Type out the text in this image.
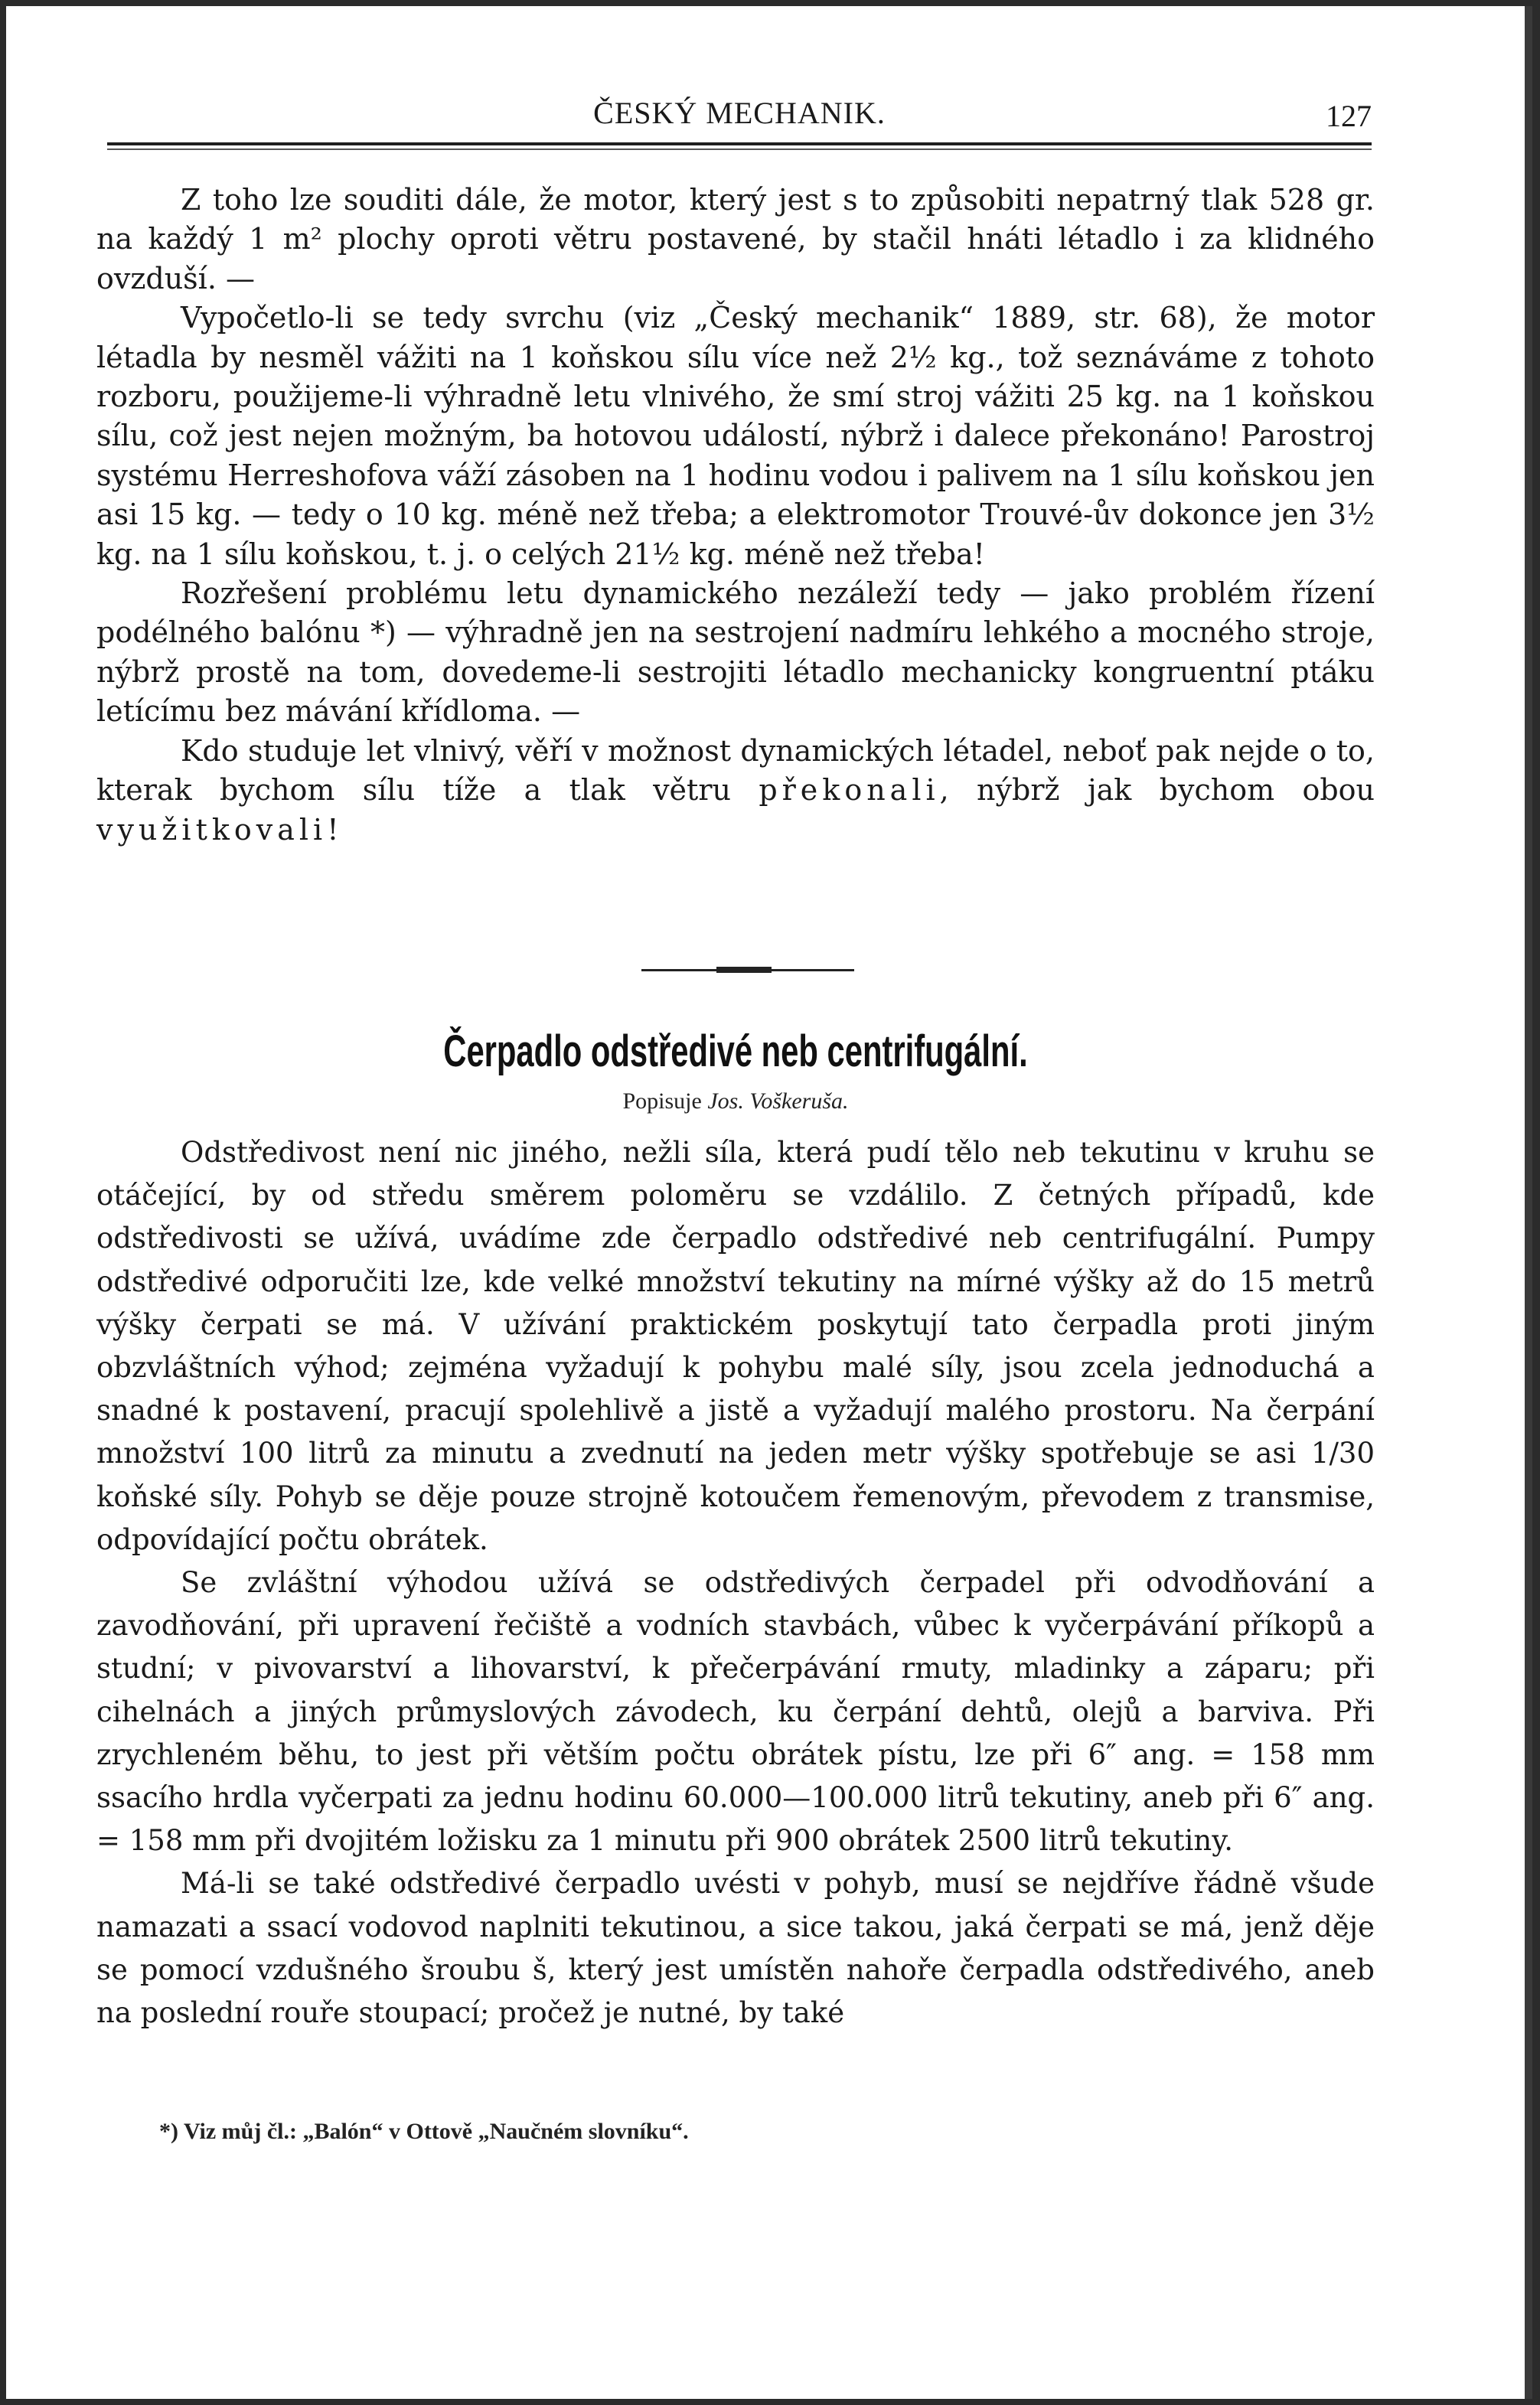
ČESKÝ MECHANIK.	127

Z toho lze souditi dále, že motor, který jest s to způsobiti nepatrný tlak 528 gr. na každý 1 m² plochy oproti větru postavené, by stačil hnáti létadlo i za klidného ovzduší. —

Vypočetlo-li se tedy svrchu (viz „Český mechanik“ 1889, str. 68), že motor létadla by nesměl vážiti na 1 koňskou sílu více než 2½ kg., tož seznáváme z tohoto rozboru, použijeme-li výhradně letu vlnivého, že smí stroj vážiti 25 kg. na 1 koňskou sílu, což jest nejen možným, ba hotovou událostí, nýbrž i dalece překonáno! Parostroj systému Herreshofova váží zásoben na 1 hodinu vodou i palivem na 1 sílu koňskou jen asi 15 kg. — tedy o 10 kg. méně než třeba; a elektromotor Trouvé-ův dokonce jen 3½ kg. na 1 sílu koňskou, t. j. o celých 21½ kg. méně než třeba!

Rozřešení problému letu dynamického nezáleží tedy — jako problém řízení podélného balónu *) — výhradně jen na sestrojení nadmíru lehkého a mocného stroje, nýbrž prostě na tom, dovedeme-li sestrojiti létadlo mechanicky kongruentní ptáku letícímu bez mávání křídloma. —

Kdo studuje let vlnivý, věří v možnost dynamických létadel, neboť pak nejde o to, kterak bychom sílu tíže a tlak větru překonali, nýbrž jak bychom obou využitkovali!

Čerpadlo odstředivé neb centrifugální.
Popisuje Jos. Voškeruša.

Odstředivost není nic jiného, nežli síla, která pudí tělo neb tekutinu v kruhu se otáčející, by od středu směrem poloměru se vzdálilo. Z četných případů, kde odstředivosti se užívá, uvádíme zde čerpadlo odstředivé neb centrifugální. Pumpy odstředivé odporučiti lze, kde velké množství tekutiny na mírné výšky až do 15 metrů výšky čerpati se má. V užívání praktickém poskytují tato čerpadla proti jiným obzvláštních výhod; zejména vyžadují k pohybu malé síly, jsou zcela jednoduchá a snadné k postavení, pracují spolehlivě a jistě a vyžadují malého prostoru. Na čerpání množství 100 litrů za minutu a zvednutí na jeden metr výšky spotřebuje se asi 1/30 koňské síly. Pohyb se děje pouze strojně kotoučem řemenovým, převodem z transmise, odpovídající počtu obrátek.

Se zvláštní výhodou užívá se odstředivých čerpadel při odvodňování a zavodňování, při upravení řečiště a vodních stavbách, vůbec k vyčerpávání příkopů a studní; v pivovarství a lihovarství, k přečerpávání rmuty, mladinky a záparu; při cihelnách a jiných průmyslových závodech, ku čerpání dehtů, olejů a barviva. Při zrychleném běhu, to jest při větším počtu obrátek pístu, lze při 6″ ang. = 158 mm ssacího hrdla vyčerpati za jednu hodinu 60.000—100.000 litrů tekutiny, aneb při 6″ ang. = 158 mm při dvojitém ložisku za 1 minutu při 900 obrátek 2500 litrů tekutiny.

Má-li se také odstředivé čerpadlo uvésti v pohyb, musí se nejdříve řádně všude namazati a ssací vodovod naplniti tekutinou, a sice takou, jaká čerpati se má, jenž děje se pomocí vzdušného šroubu š, který jest umístěn nahoře čerpadla odstředivého, aneb na poslední rouře stoupací; pročež je nutné, by také

*) Viz můj čl.: „Balón“ v Ottově „Naučném slovníku“.
